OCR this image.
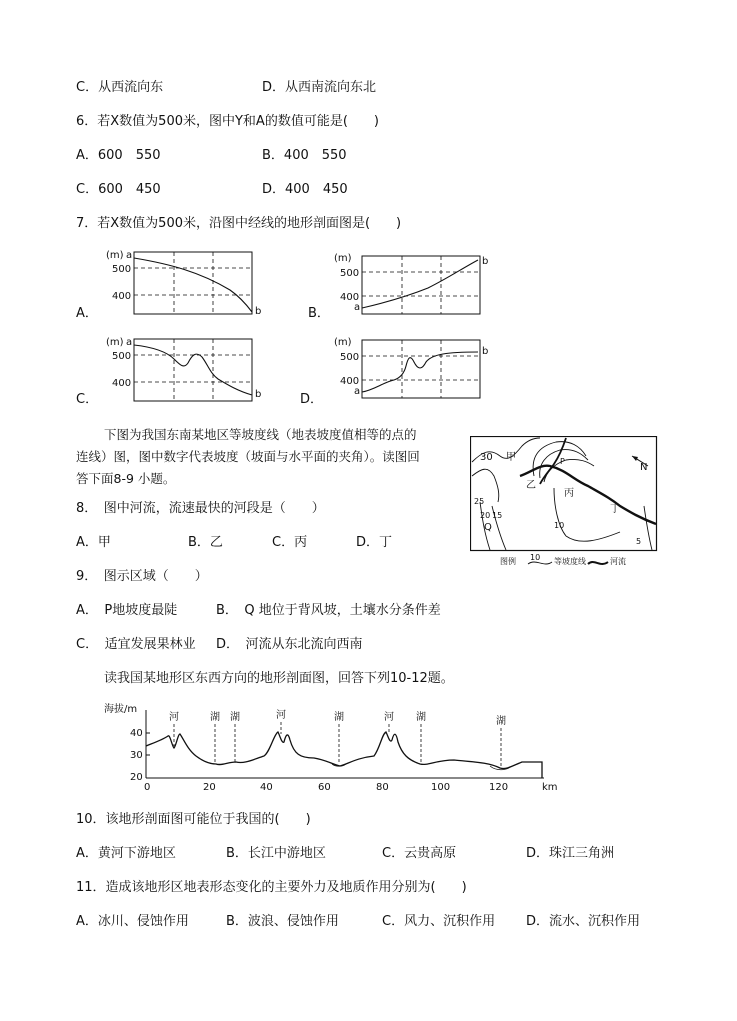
C．从西流向东	D．从西南流向东北
6．若X数值为500米，图中Y和A的数值可能是(　　)
A．600　550	B．400　550
C．600　450	D．400　450
7．若X数值为500米，沿图中经线的地形剖面图是(　　)
A．
(m) a
500
400
b	B．
(m)
500
400
a
b
C．
(m) a
500
400
b	D．
(m)
500
400
a
b
下图为我国东南某地区等坡度线（地表坡度值相等的点的
连线）图，图中数字代表坡度（坡面与水平面的夹角）。读图回
答下面8-9 小题。
30 甲	P
乙
丙
丁
N
25
20 15
Q	10
5
图例 10 等坡度线	河流
8．　图中河流，流速最快的河段是（　　）
A．甲	B．乙	C．丙	D．丁
9．　图示区域（　　）
A．　P地坡度最陡	B．　Q 地位于背风坡，土壤水分条件差
C．　适宜发展果林业 D．　河流从东北流向西南
读我国某地形区东西方向的地形剖面图，回答下列10-12题。
海拔/m
40
30
20
0	20	40	60	80	100	120	km
河	湖 湖	河	湖	河 湖	湖
10．该地形剖面图可能位于我国的(　　)
A．黄河下游地区	B．长江中游地区	C．云贵高原	D．珠江三角洲
11．造成该地形区地表形态变化的主要外力及地质作用分别为(　　)
A．冰川、侵蚀作用	B．波浪、侵蚀作用	C．风力、沉积作用 D．流水、沉积作用
